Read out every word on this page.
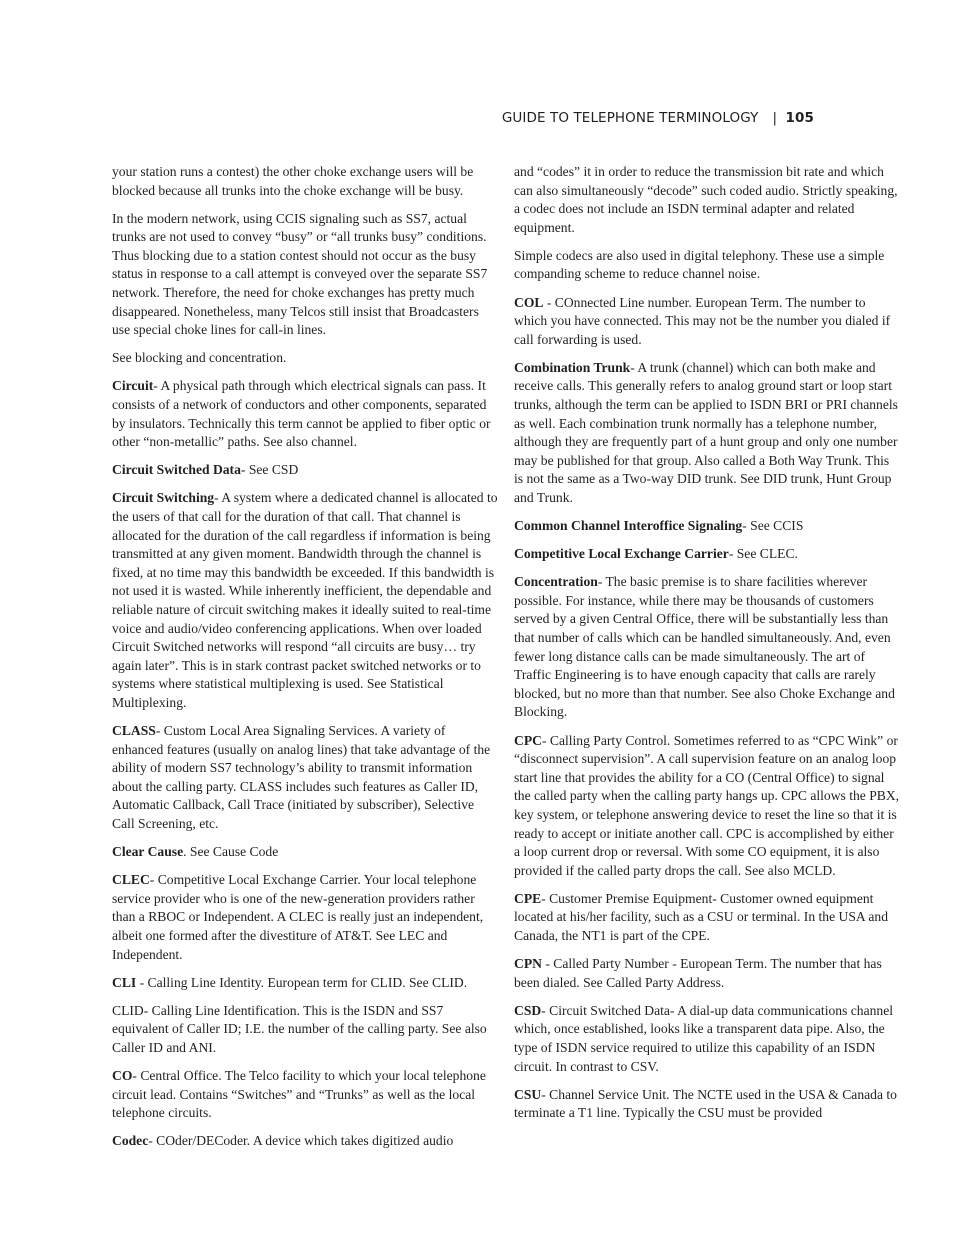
GUIDE TO TELEPHONE TERMINOLOGY | 105

your station runs a contest) the other choke exchange users will be blocked because all trunks into the choke exchange will be busy.

In the modern network, using CCIS signaling such as SS7, actual trunks are not used to convey “busy” or “all trunks busy” conditions. Thus blocking due to a station contest should not occur as the busy status in response to a call attempt is conveyed over the separate SS7 network. Therefore, the need for choke exchanges has pretty much disappeared. Nonetheless, many Telcos still insist that Broadcasters use special choke lines for call-in lines.

See blocking and concentration.

Circuit- A physical path through which electrical signals can pass. It consists of a network of conductors and other components, separated by insulators. Technically this term cannot be applied to fiber optic or other “non-metallic” paths. See also channel.

Circuit Switched Data- See CSD

Circuit Switching- A system where a dedicated channel is allocated to the users of that call for the duration of that call. That channel is allocated for the duration of the call regardless if information is being transmitted at any given moment. Bandwidth through the channel is fixed, at no time may this bandwidth be exceeded. If this bandwidth is not used it is wasted. While inherently inefficient, the dependable and reliable nature of circuit switching makes it ideally suited to real-time voice and audio/video conferencing applications. When over loaded Circuit Switched networks will respond “all circuits are busy… try again later”. This is in stark contrast packet switched networks or to systems where statistical multiplexing is used. See Statistical Multiplexing.

CLASS- Custom Local Area Signaling Services. A variety of enhanced features (usually on analog lines) that take advantage of the ability of modern SS7 technology’s ability to transmit information about the calling party. CLASS includes such features as Caller ID, Automatic Callback, Call Trace (initiated by subscriber), Selective Call Screening, etc.

Clear Cause. See Cause Code

CLEC- Competitive Local Exchange Carrier. Your local telephone service provider who is one of the new-generation providers rather than a RBOC or Independent. A CLEC is really just an independent, albeit one formed after the divestiture of AT&T. See LEC and Independent.

CLI - Calling Line Identity. European term for CLID. See CLID.

CLID- Calling Line Identification. This is the ISDN and SS7 equivalent of Caller ID; I.E. the number of the calling party. See also Caller ID and ANI.

CO- Central Office. The Telco facility to which your local telephone circuit lead. Contains “Switches” and “Trunks” as well as the local telephone circuits.

Codec- COder/DECoder. A device which takes digitized audio

and “codes” it in order to reduce the transmission bit rate and which can also simultaneously “decode” such coded audio. Strictly speaking, a codec does not include an ISDN terminal adapter and related equipment.

Simple codecs are also used in digital telephony. These use a simple companding scheme to reduce channel noise.

COL - COnnected Line number. European Term. The number to which you have connected. This may not be the number you dialed if call forwarding is used.

Combination Trunk- A trunk (channel) which can both make and receive calls. This generally refers to analog ground start or loop start trunks, although the term can be applied to ISDN BRI or PRI channels as well. Each combination trunk normally has a telephone number, although they are frequently part of a hunt group and only one number may be published for that group. Also called a Both Way Trunk. This is not the same as a Two-way DID trunk. See DID trunk, Hunt Group and Trunk.

Common Channel Interoffice Signaling- See CCIS

Competitive Local Exchange Carrier- See CLEC.

Concentration- The basic premise is to share facilities wherever possible. For instance, while there may be thousands of customers served by a given Central Office, there will be substantially less than that number of calls which can be handled simultaneously. And, even fewer long distance calls can be made simultaneously. The art of Traffic Engineering is to have enough capacity that calls are rarely blocked, but no more than that number. See also Choke Exchange and Blocking.

CPC- Calling Party Control. Sometimes referred to as “CPC Wink” or “disconnect supervision”. A call supervision feature on an analog loop start line that provides the ability for a CO (Central Office) to signal the called party when the calling party hangs up. CPC allows the PBX, key system, or telephone answering device to reset the line so that it is ready to accept or initiate another call. CPC is accomplished by either a loop current drop or reversal. With some CO equipment, it is also provided if the called party drops the call. See also MCLD.

CPE- Customer Premise Equipment- Customer owned equipment located at his/her facility, such as a CSU or terminal. In the USA and Canada, the NT1 is part of the CPE.

CPN - Called Party Number - European Term. The number that has been dialed. See Called Party Address.

CSD- Circuit Switched Data- A dial-up data communications channel which, once established, looks like a transparent data pipe. Also, the type of ISDN service required to utilize this capability of an ISDN circuit. In contrast to CSV.

CSU- Channel Service Unit. The NCTE used in the USA & Canada to terminate a T1 line. Typically the CSU must be provided
